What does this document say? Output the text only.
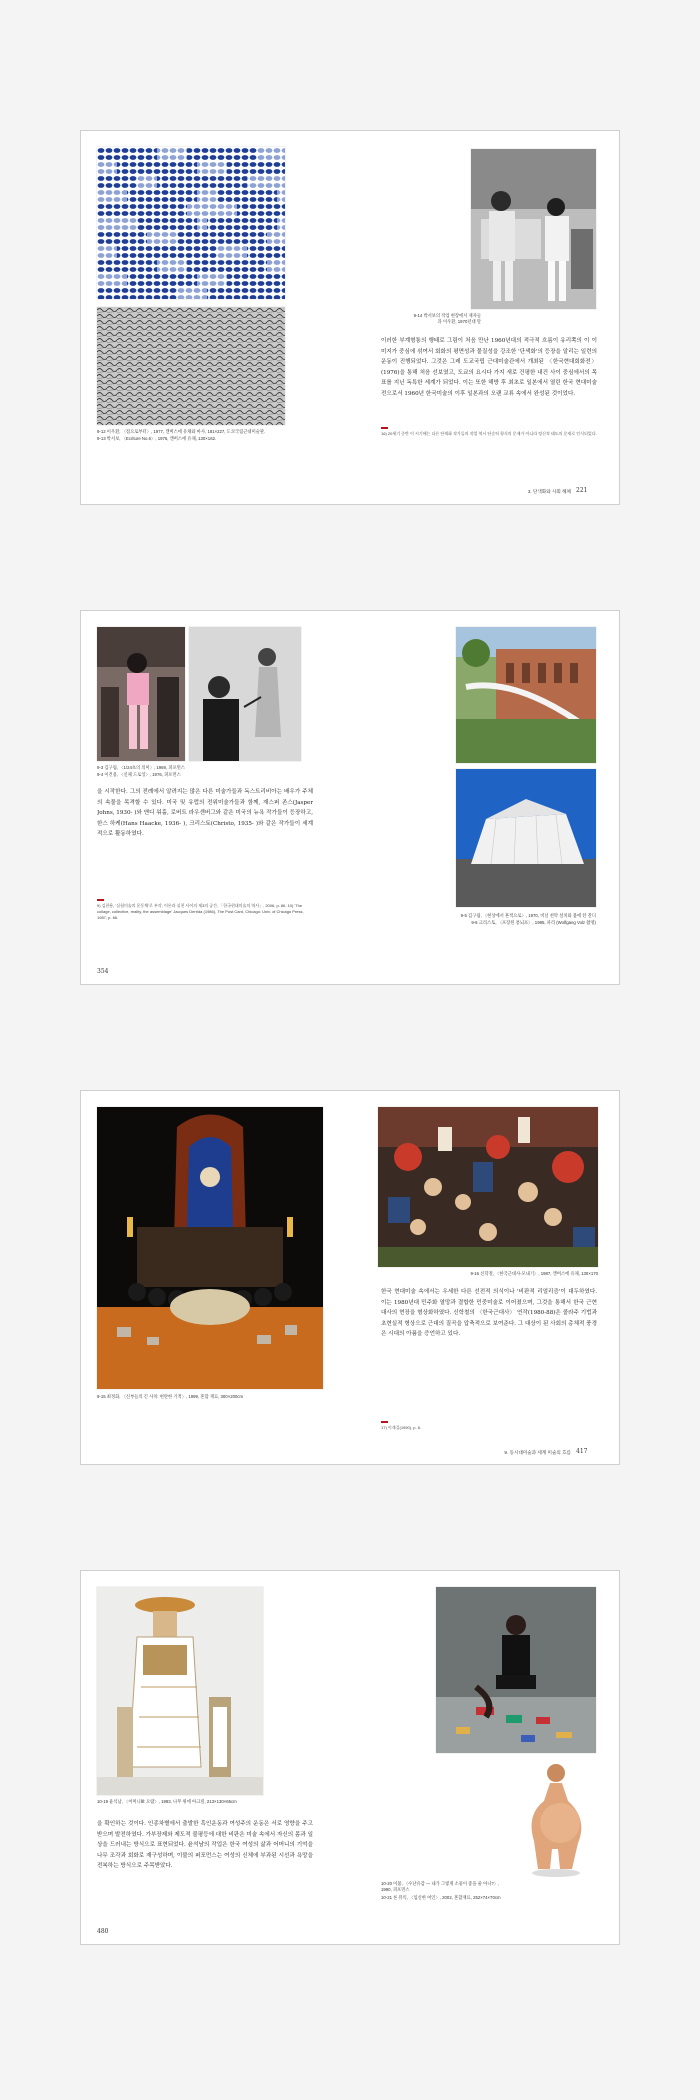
9-12 이우환, 〈점으로부터〉, 1977, 캔버스에 유채와 마사, 181×227, 도쿄국립근대미술관.
9-13 박서보, 〈Ecriture No.6〉, 1976, 캔버스에 유채, 130×162.
9-14 박서보의 작업 현장에서 제자들과 이우환, 1970년대 말
이러한 부계형통의 행태로 그림이 처음 만난 1960년대의 적극적 흐름이 유리쪽의 이 이미지가 중심에 섞여서 회화의 평면성과 물질성을 강조한 '단색화'의 등장을 알리는 일련의 운동이 진행되었다. 그것은 그레 도교국립 근대미술관에서 개최된 〈한국현대회화전〉 (1976)을 통해 처음 선보였고, 도쿄의 요시다 가지 새로 건평한 내건 사이 중심에서의 목표를 지닌 독특한 세계가 되었다. 이는 또한 해방 후 최초로 일본에서 열린 한국 현대미술전으로서 1960년 한국미술의 이후 일본과의 오랜 교류 속에서 완성된 것이었다.
16) 20세기 중반 이 시기에는 다른 단색화 작가들의 작업 역시 단순히 형식의 문제가 아니라 정신적 태도의 문제로 인식되었다.
3. 단색화와 사회 해체 221
9-3 김구림, 〈1/24초의 의미〉, 1969, 퍼포먼스
9-4 이건용, 〈신체 드로잉〉, 1976, 퍼포먼스
을 시작한다. 그의 전례에서 알려지는 많은 다른 미술가들과 독스트리비아는 배우가 주체의 속물을 목격할 수 있다. 미국 및 유럽의 전위미술가들과 함께, 재스퍼 존스(Jasper Johns, 1930- )와 앤디 워홀, 로버트 라우센버그와 같은 미국의 뉴욕 작가들이 등장하고, 한스 하케(Hans Haacke, 1936- ), 크리스토(Christo, 1935- )와 같은 작가들이 세계적으로 활동하였다.
9) 김한용, '실험미술의 운동체'로 부각, 이론과 실천 사이의 제3의 공간, 「한국현대미술의 역사」, 2006, p. 86. 10) 'The collage, collective, reality, the assemblage' Jacques Derrida (1986), The Post Card, Chicago: Univ. of Chicago Press, 1987, p. 66.
354
9-5 김구림, 〈현상에서 흔적으로〉, 1970, 비닐 천막 설치와 불에 탄 잔디
9-6 크리스토, 〈포장된 퐁뇌프〉, 1985, 파리 (Wolfgang Volz 촬영)
9-15 최정화, 〈신부들의 긴 사치: 현란한 기적〉, 1999, 혼합 재료, 300×200cm
9-16 신학철, 〈한국근대사-모내기〉, 1987, 캔버스에 유채, 130×170
한국 현대미술 속에서는 우세한 다른 선전적 의식이나 '비판적 리얼리즘'이 대두하였다. 이는 1980년대 민주화 열망과 결합한 민중미술로 이어졌으며, 그것을 통해서 한국 근현대사의 현장을 형상화하였다. 신학철의 〈한국근대사〉 연작(1980-88)은 콜라주 기법과 초현실적 형상으로 근대의 질곡을 압축적으로 보여준다. 그 대상이 된 사회의 총체적 풍경은 시대의 아픔을 증언하고 있다.
17) 이재걸(1990), p. 6.
9. 동시대미술과 세계 미술의 흐름 417
10-19 윤석남, 〈어머니Ⅲ: 요람〉, 1993, 나무 위에 아크릴, 213×130×65cm
을 확인하는 것이다. 인종차별에서 출발한 흑인운동과 여성주의 운동은 서로 영향을 주고받으며 발전하였다. 가부장제와 제도적 불평등에 대한 비판은 미술 속에서 자신의 몸과 일상을 드러내는 방식으로 표현되었다. 윤석남의 작업은 한국 여성의 삶과 어머니의 기억을 나무 조각과 회화로 재구성하며, 이불의 퍼포먼스는 여성의 신체에 부과된 시선과 욕망을 전복하는 방식으로 주목받았다.
480
10-20 이불, 〈수난유감 — 내가 그렇게 소풍이 좋을 줄 아니?〉, 1990, 퍼포먼스
10-21 론 뮤익, 〈임신한 여인〉, 2002, 혼합재료, 252×74×70cm
